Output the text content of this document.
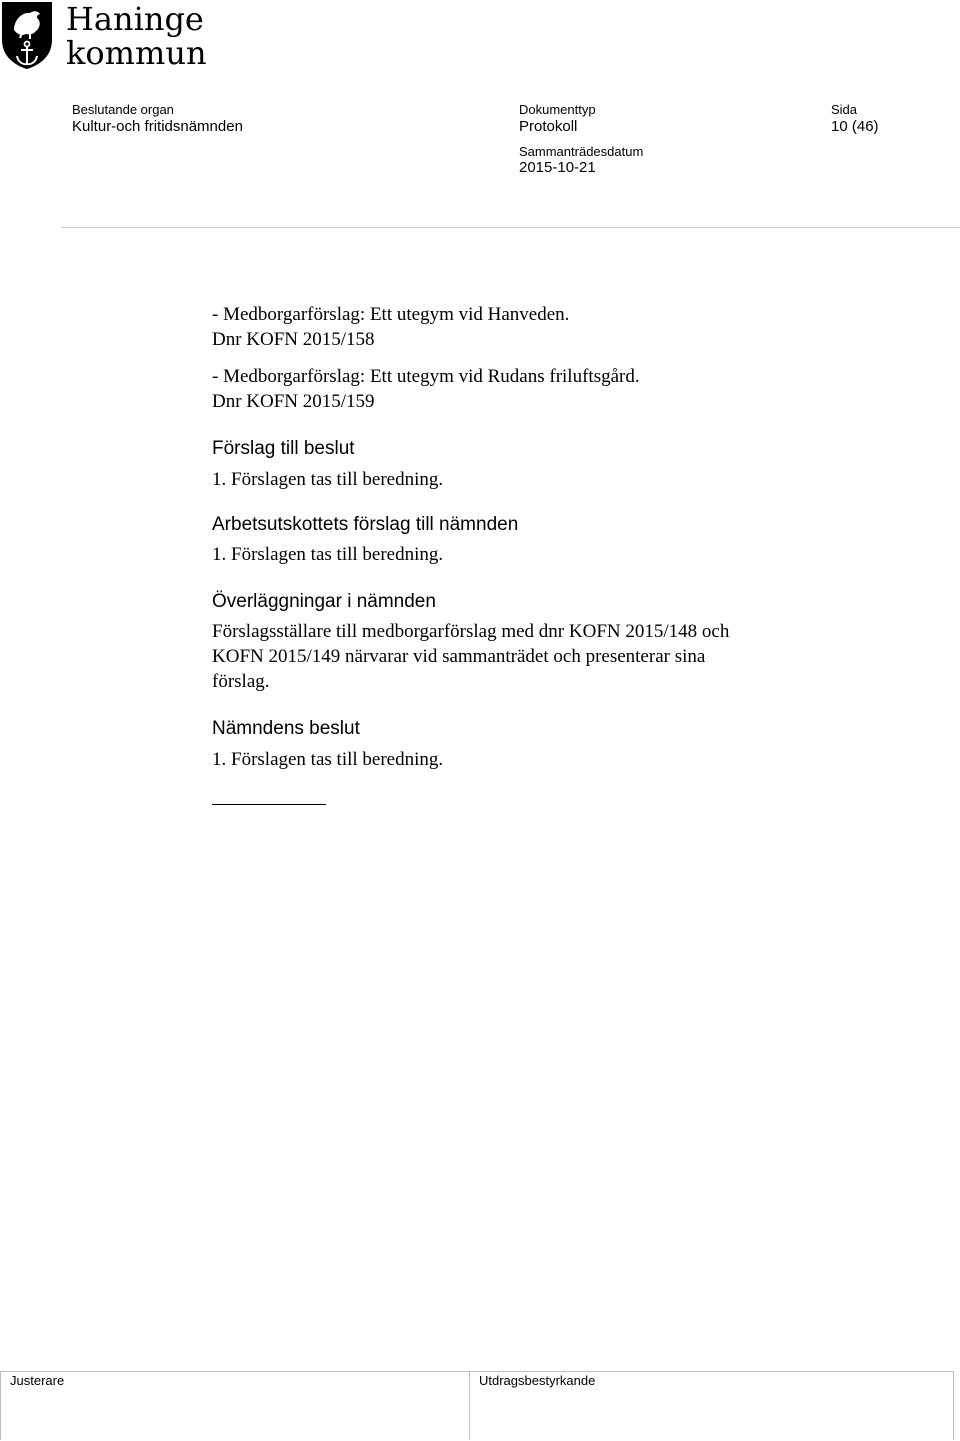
Haninge
kommun
Beslutande organ
Kultur-och fritidsnämnden
Dokumenttyp
Protokoll
Sida
10 (46)
Sammanträdesdatum
2015-10-21
- Medborgarförslag: Ett utegym vid Hanveden.
Dnr KOFN 2015/158
- Medborgarförslag: Ett utegym vid Rudans friluftsgård.
Dnr KOFN 2015/159
Förslag till beslut
1. Förslagen tas till beredning.
Arbetsutskottets förslag till nämnden
1. Förslagen tas till beredning.
Överläggningar i nämnden
Förslagsställare till medborgarförslag med dnr KOFN 2015/148 och
KOFN 2015/149 närvarar vid sammanträdet och presenterar sina
förslag.
Nämndens beslut
1. Förslagen tas till beredning.
Justerare	Utdragsbestyrkande
